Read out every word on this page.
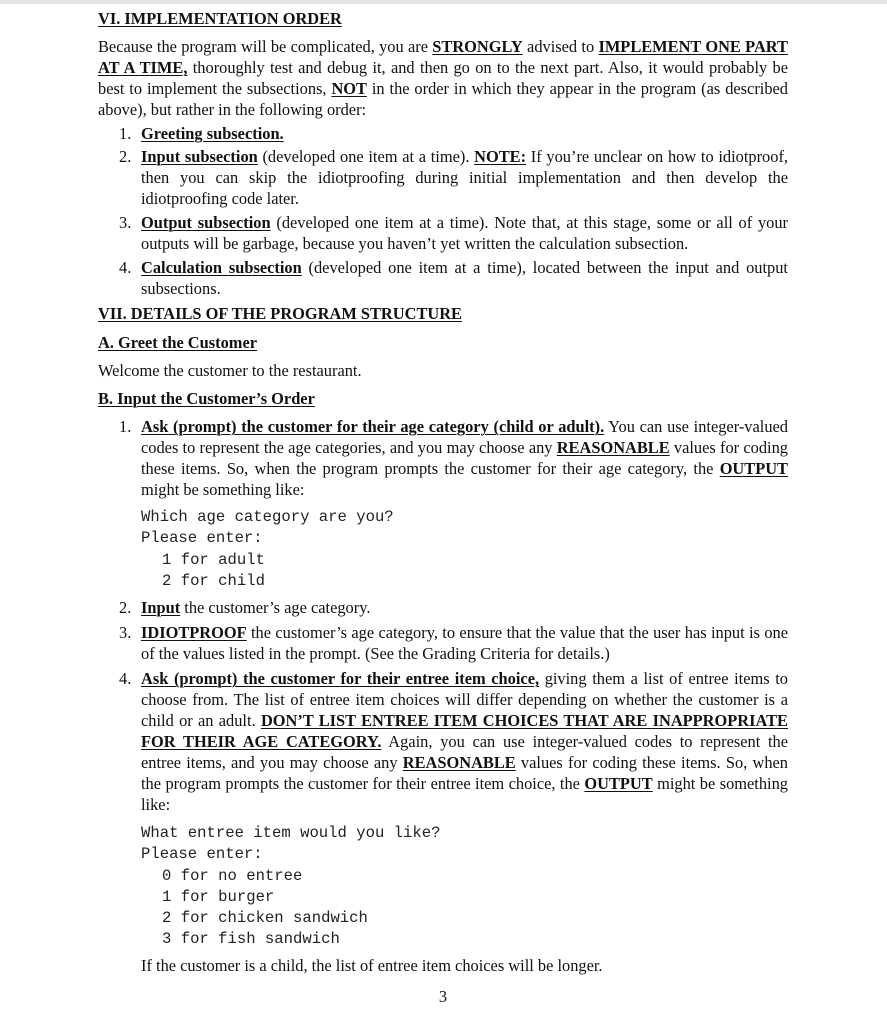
VI. IMPLEMENTATION ORDER

Because the program will be complicated, you are STRONGLY advised to IMPLEMENT ONE PART AT A TIME, thoroughly test and debug it, and then go on to the next part. Also, it would probably be best to implement the subsections, NOT in the order in which they appear in the program (as described above), but rather in the following order:

1. Greeting subsection.
2. Input subsection (developed one item at a time). NOTE: If you’re unclear on how to idiotproof, then you can skip the idiotproofing during initial implementation and then develop the idiotproofing code later.
3. Output subsection (developed one item at a time). Note that, at this stage, some or all of your outputs will be garbage, because you haven’t yet written the calculation subsection.
4. Calculation subsection (developed one item at a time), located between the input and output subsections.
VII. DETAILS OF THE PROGRAM STRUCTURE
A. Greet the Customer

Welcome the customer to the restaurant.

B. Input the Customer’s Order
1. Ask (prompt) the customer for their age category (child or adult). You can use integer-valued codes to represent the age categories, and you may choose any REASONABLE values for coding these items. So, when the program prompts the customer for their age category, the OUTPUT might be something like:
Which age category are you?
Please enter:
1 for adult
2 for child
2. Input the customer’s age category.
3. IDIOTPROOF the customer’s age category, to ensure that the value that the user has input is one of the values listed in the prompt. (See the Grading Criteria for details.)
4. Ask (prompt) the customer for their entree item choice, giving them a list of entree items to choose from. The list of entree item choices will differ depending on whether the customer is a child or an adult. DON’T LIST ENTREE ITEM CHOICES THAT ARE INAPPROPRIATE FOR THEIR AGE CATEGORY. Again, you can use integer-valued codes to represent the entree items, and you may choose any REASONABLE values for coding these items. So, when the program prompts the customer for their entree item choice, the OUTPUT might be something like:
What entree item would you like?
Please enter:
0 for no entree
1 for burger
2 for chicken sandwich
3 for fish sandwich

If the customer is a child, the list of entree item choices will be longer.

3
